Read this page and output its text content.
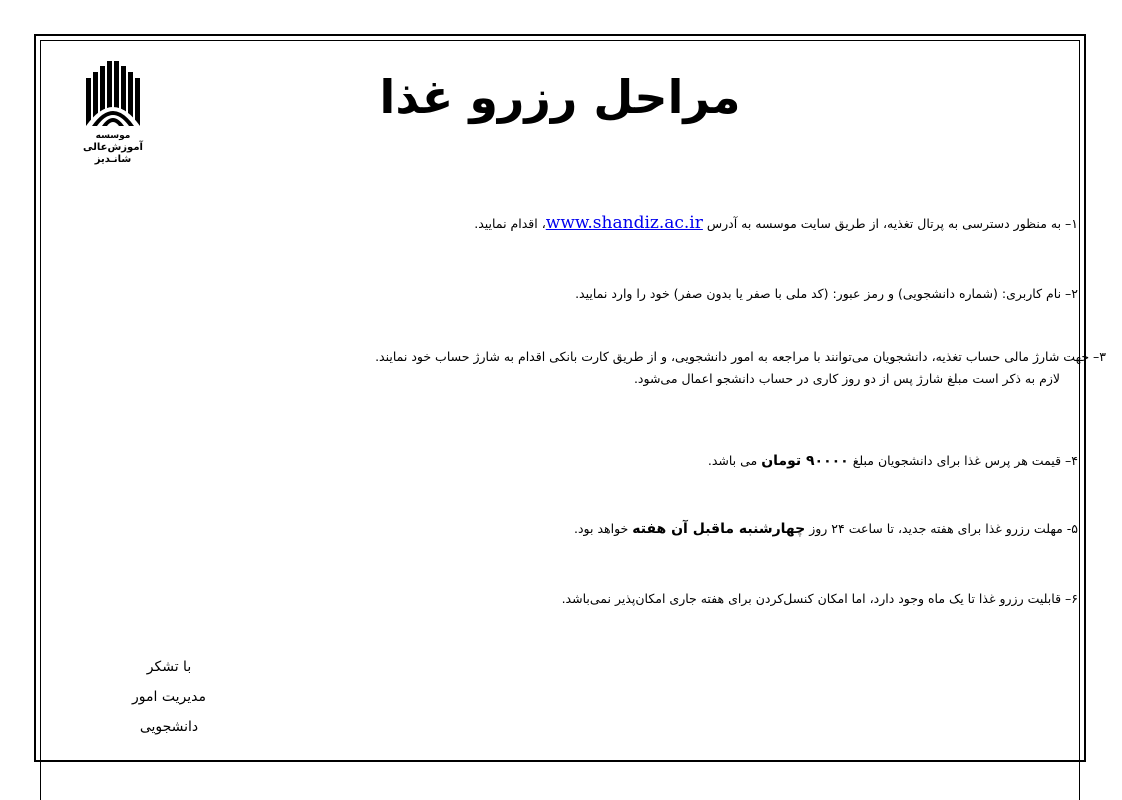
موسسه
آموزش‌عالی
شانـدیز
مراحل رزرو غذا
۱– به منظور دسترسی به پرتال تغذیه، از طریق سایت موسسه به آدرس www.shandiz.ac.ir، اقدام نمایید.
۲– نام کاربری: (شماره دانشجویی) و رمز عبور: (کد ملی با صفر یا بدون صفر) خود را وارد نمایید.
۳– جهت شارژ مالی حساب تغذیه، دانشجویان می‌توانند با مراجعه به امور دانشجویی، و از طریق کارت بانکی اقدام به شارژ حساب خود نمایند.
لازم به ذکر است مبلغ شارژ پس از دو روز کاری در حساب دانشجو اعمال می‌شود.
۴– قیمت هر پرس غذا برای دانشجویان مبلغ ۹۰۰۰۰ تومان می باشد.
۵- مهلت رزرو غذا برای هفته جدید، تا ساعت ۲۴ روز چهارشنبه ماقبل آن هفته خواهد بود.
۶– قابلیت رزرو غذا تا یک ماه وجود دارد، اما امکان کنسل‌کردن برای هفته جاری امکان‌پذیر نمی‌باشد.
با تشکر
مدیریت امور دانشجویی
